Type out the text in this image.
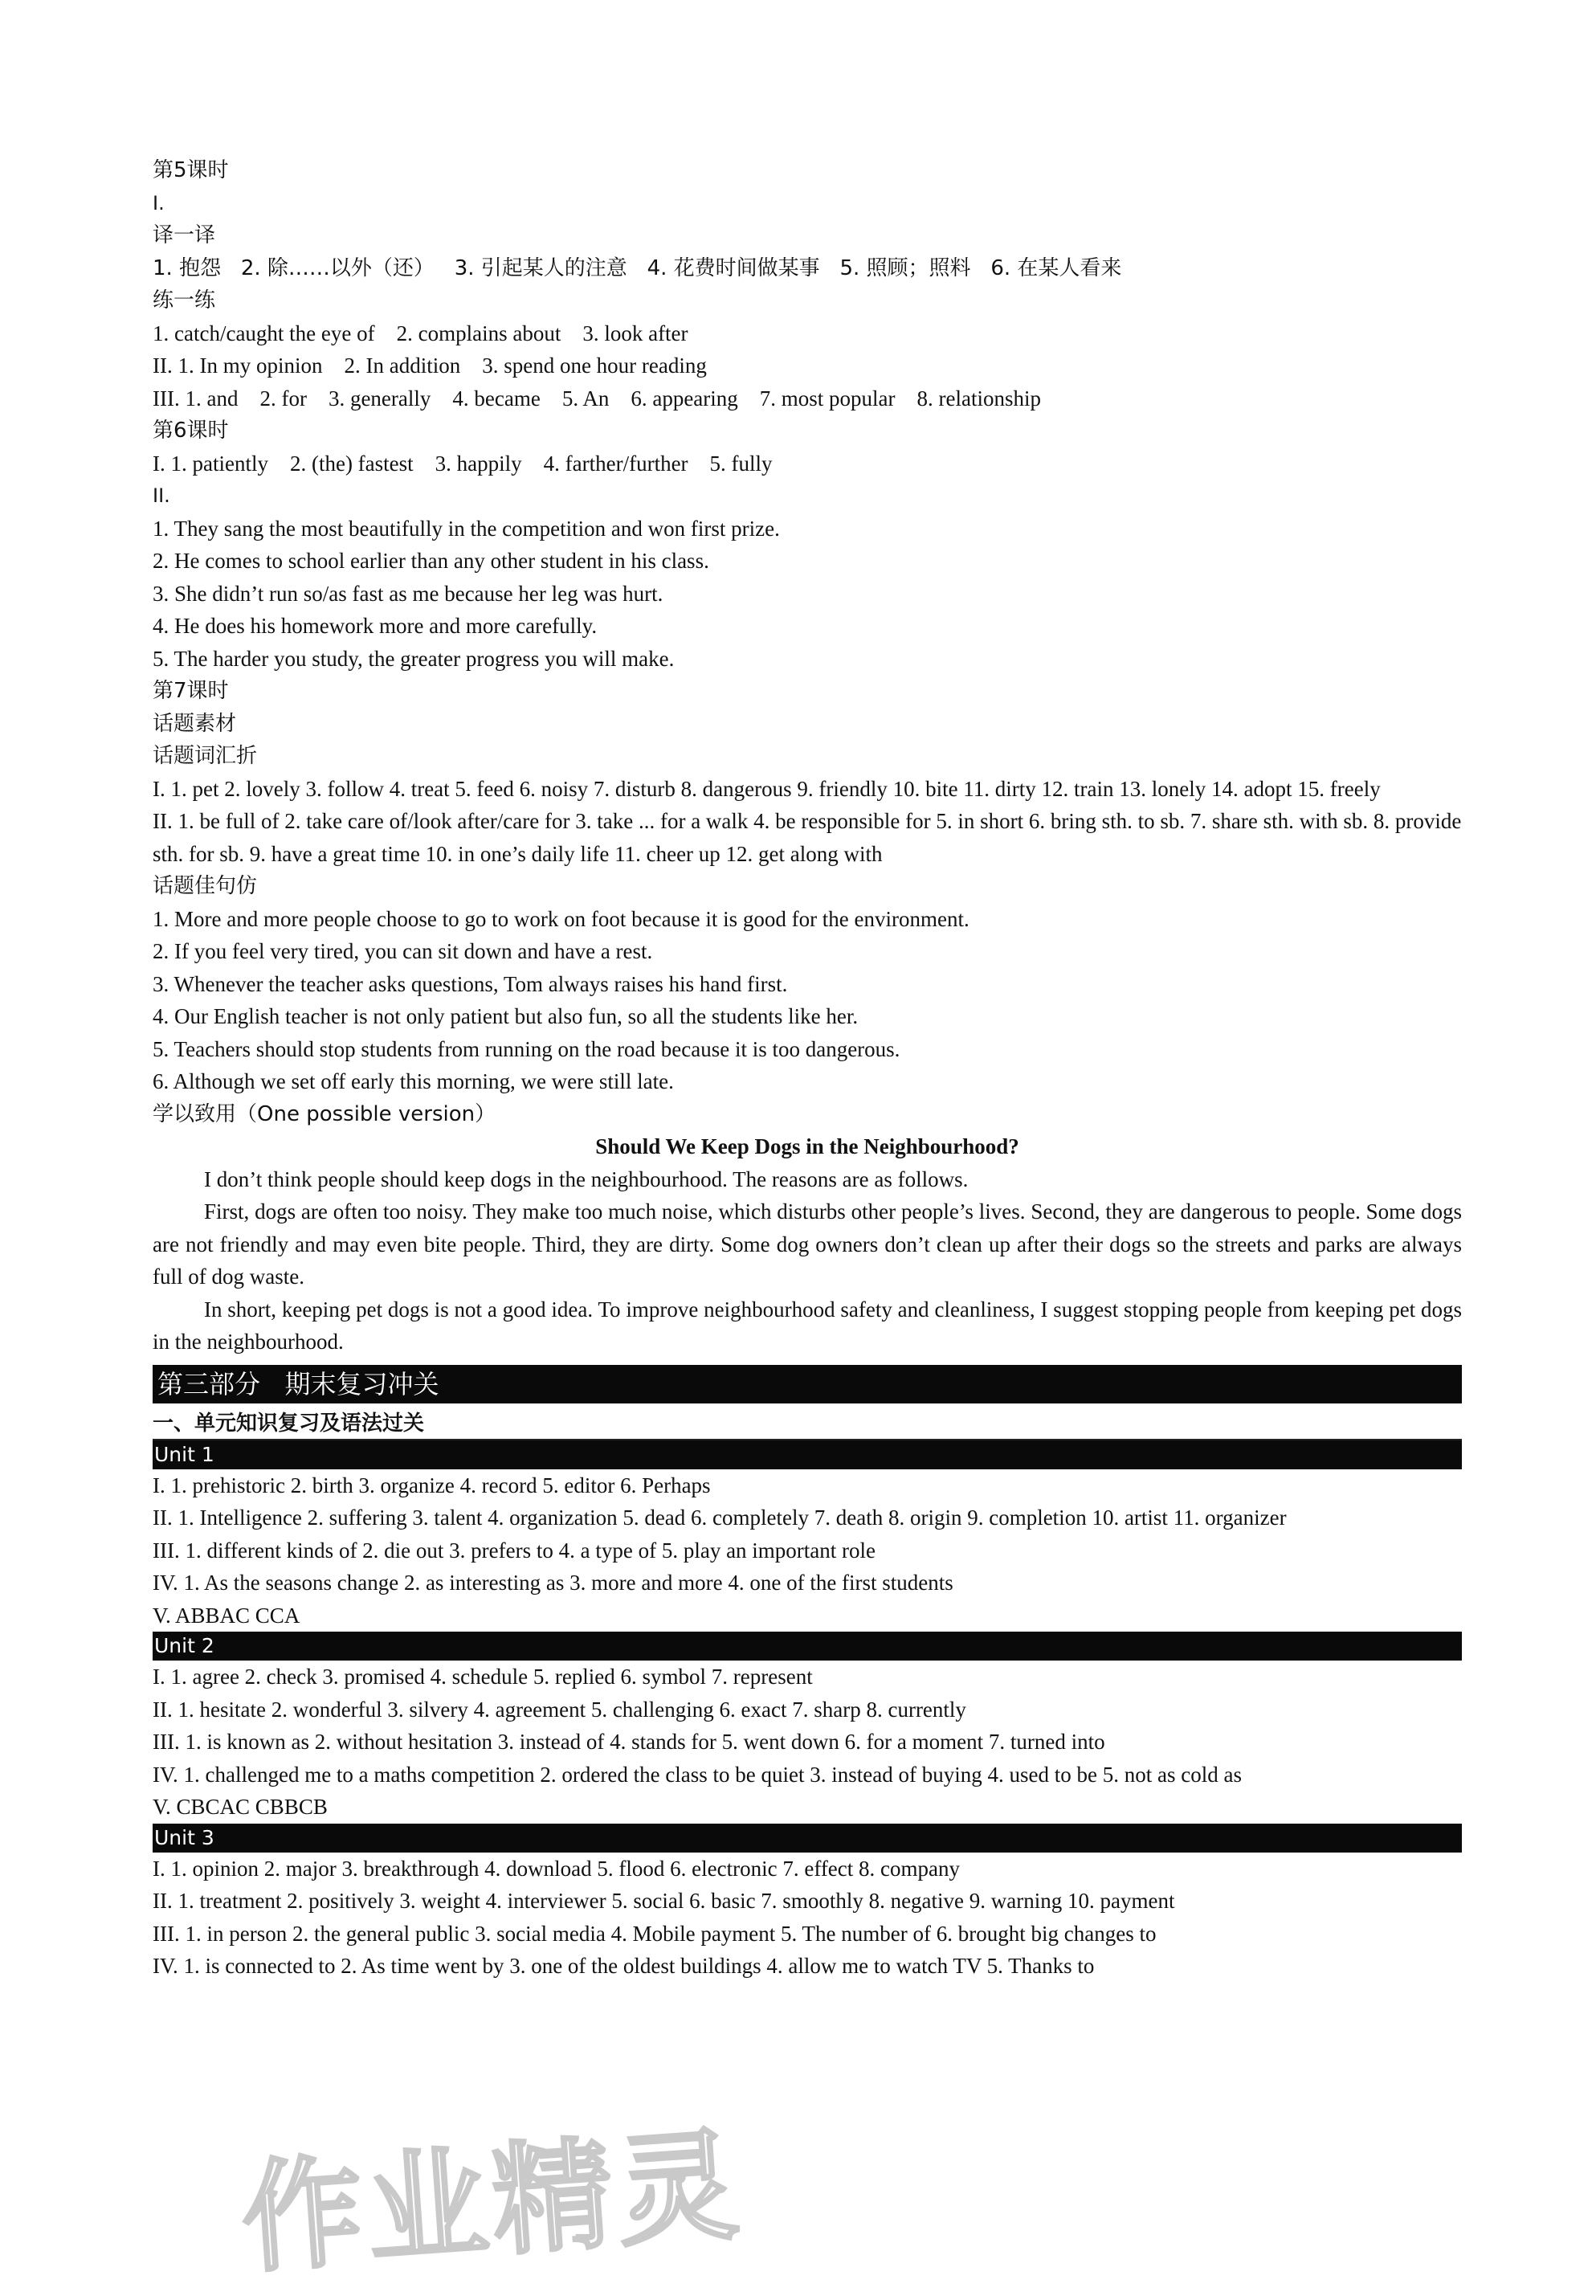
第5课时
I.
译一译
1. 抱怨   2. 除……以外（还）   3. 引起某人的注意   4. 花费时间做某事   5. 照顾；照料   6. 在某人看来
练一练
1. catch/caught the eye of    2. complains about    3. look after
II. 1. In my opinion    2. In addition    3. spend one hour reading
III. 1. and    2. for    3. generally    4. became    5. An    6. appearing    7. most popular    8. relationship
第6课时
I. 1. patiently    2. (the) fastest    3. happily    4. farther/further    5. fully
II.
1. They sang the most beautifully in the competition and won first prize.
2. He comes to school earlier than any other student in his class.
3. She didn’t run so/as fast as me because her leg was hurt.
4. He does his homework more and more carefully.
5. The harder you study, the greater progress you will make.
第7课时
话题素材
话题词汇折
I. 1. pet 2. lovely 3. follow 4. treat 5. feed 6. noisy 7. disturb 8. dangerous 9. friendly 10. bite 11. dirty 12. train 13. lonely 14. adopt 15. freely
II. 1. be full of 2. take care of/look after/care for 3. take ... for a walk 4. be responsible for 5. in short 6. bring sth. to sb. 7. share sth. with sb. 8. provide sth. for sb. 9. have a great time 10. in one’s daily life 11. cheer up 12. get along with
话题佳句仿
1. More and more people choose to go to work on foot because it is good for the environment.
2. If you feel very tired, you can sit down and have a rest.
3. Whenever the teacher asks questions, Tom always raises his hand first.
4. Our English teacher is not only patient but also fun, so all the students like her.
5. Teachers should stop students from running on the road because it is too dangerous.
6. Although we set off early this morning, we were still late.
学以致用（One possible version）
Should We Keep Dogs in the Neighbourhood?
I don’t think people should keep dogs in the neighbourhood. The reasons are as follows.
First, dogs are often too noisy. They make too much noise, which disturbs other people’s lives. Second, they are dangerous to people. Some dogs are not friendly and may even bite people. Third, they are dirty. Some dog owners don’t clean up after their dogs so the streets and parks are always full of dog waste.
In short, keeping pet dogs is not a good idea. To improve neighbourhood safety and cleanliness, I suggest stopping people from keeping pet dogs in the neighbourhood.
第三部分   期末复习冲关
一、单元知识复习及语法过关
Unit 1
I. 1. prehistoric 2. birth 3. organize 4. record 5. editor 6. Perhaps
II. 1. Intelligence 2. suffering 3. talent 4. organization 5. dead 6. completely 7. death 8. origin 9. completion 10. artist 11. organizer
III. 1. different kinds of 2. die out 3. prefers to 4. a type of 5. play an important role
IV. 1. As the seasons change 2. as interesting as 3. more and more 4. one of the first students
V. ABBAC CCA
Unit 2
I. 1. agree 2. check 3. promised 4. schedule 5. replied 6. symbol 7. represent
II. 1. hesitate 2. wonderful 3. silvery 4. agreement 5. challenging 6. exact 7. sharp 8. currently
III. 1. is known as 2. without hesitation 3. instead of 4. stands for 5. went down 6. for a moment 7. turned into
IV. 1. challenged me to a maths competition 2. ordered the class to be quiet 3. instead of buying 4. used to be 5. not as cold as
V. CBCAC CBBCB
Unit 3
I. 1. opinion 2. major 3. breakthrough 4. download 5. flood 6. electronic 7. effect 8. company
II. 1. treatment 2. positively 3. weight 4. interviewer 5. social 6. basic 7. smoothly 8. negative 9. warning 10. payment
III. 1. in person 2. the general public 3. social media 4. Mobile payment 5. The number of 6. brought big changes to
IV. 1. is connected to 2. As time went by 3. one of the oldest buildings 4. allow me to watch TV 5. Thanks to
作业精灵
